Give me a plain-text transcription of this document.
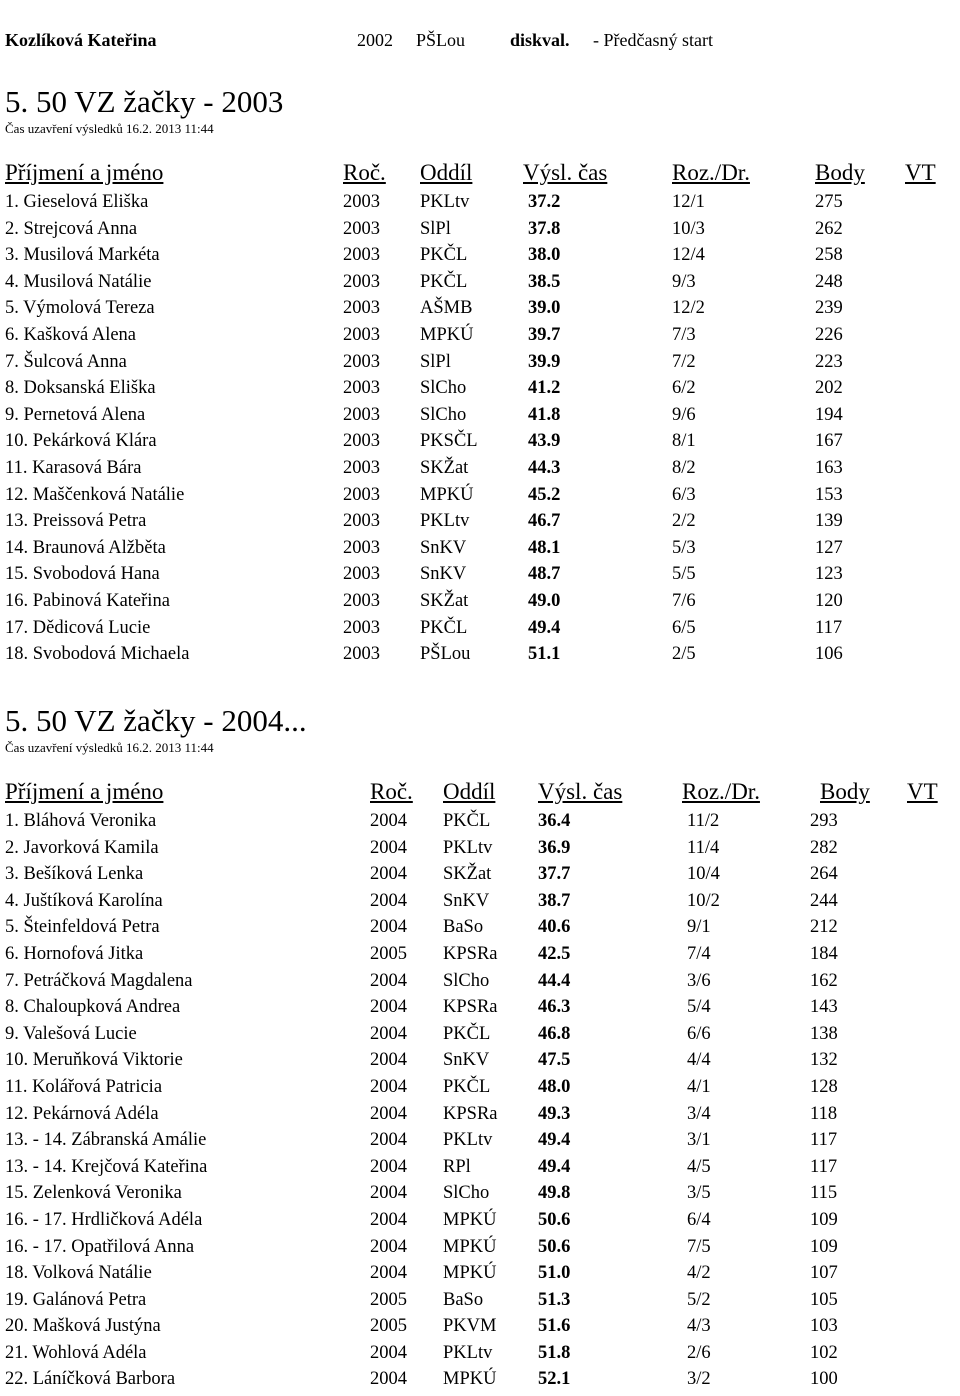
Kozlíková Kateřina	2002 PŠLou diskval. - Předčasný start
5. 50 VZ žačky - 2003
Čas uzavření výsledků 16.2. 2013 11:44
Příjmení a jméno	Roč. Oddíl Výsl. čas	Roz./Dr.	Body VT
1. Gieselová Eliška	2003 PKLtv	37.2	12/1	275
2. Strejcová Anna	2003 SlPl	37.8	10/3	262
3. Musilová Markéta	2003 PKČL	38.0	12/4	258
4. Musilová Natálie	2003 PKČL	38.5	9/3	248
5. Výmolová Tereza	2003 AŠMB	39.0	12/2	239
6. Kašková Alena	2003 MPKÚ	39.7	7/3	226
7. Šulcová Anna	2003 SlPl	39.9	7/2	223
8. Doksanská Eliška	2003 SlCho	41.2	6/2	202
9. Pernetová Alena	2003 SlCho	41.8	9/6	194
10. Pekárková Klára	2003 PKSČL	43.9	8/1	167
11. Karasová Bára	2003 SKŽat	44.3	8/2	163
12. Maščenková Natálie	2003 MPKÚ	45.2	6/3	153
13. Preissová Petra	2003 PKLtv	46.7	2/2	139
14. Braunová Alžběta	2003 SnKV	48.1	5/3	127
15. Svobodová Hana	2003 SnKV	48.7	5/5	123
16. Pabinová Kateřina	2003 SKŽat	49.0	7/6	120
17. Dědicová Lucie	2003 PKČL	49.4	6/5	117
18. Svobodová Michaela	2003 PŠLou	51.1	2/5	106
5. 50 VZ žačky - 2004...
Čas uzavření výsledků 16.2. 2013 11:44
Příjmení a jméno	Roč. Oddíl Výsl. čas	Roz./Dr.	Body VT
1. Bláhová Veronika	2004 PKČL	36.4	11/2	293
2. Javorková Kamila	2004 PKLtv 36.9	11/4	282
3. Bešíková Lenka	2004 SKŽat	37.7	10/4	264
4. Juštíková Karolína	2004 SnKV	38.7	10/2	244
5. Šteinfeldová Petra	2004 BaSo	40.6	9/1	212
6. Hornofová Jitka	2005 KPSRa 42.5	7/4	184
7. Petráčková Magdalena	2004 SlCho	44.4	3/6	162
8. Chaloupková Andrea	2004 KPSRa 46.3	5/4	143
9. Valešová Lucie	2004 PKČL	46.8	6/6	138
10. Meruňková Viktorie	2004 SnKV	47.5	4/4	132
11. Kolářová Patricia	2004 PKČL	48.0	4/1	128
12. Pekárnová Adéla	2004 KPSRa 49.3	3/4	118
13. - 14. Zábranská Amálie	2004 PKLtv 49.4	3/1	117
13. - 14. Krejčová Kateřina	2004 RPl	49.4	4/5	117
15. Zelenková Veronika	2004 SlCho	49.8	3/5	115
16. - 17. Hrdličková Adéla	2004 MPKÚ 50.6	6/4	109
16. - 17. Opatřilová Anna	2004 MPKÚ 50.6	7/5	109
18. Volková Natálie	2004 MPKÚ 51.0	4/2	107
19. Galánová Petra	2005 BaSo	51.3	5/2	105
20. Mašková Justýna	2005 PKVM 51.6	4/3	103
21. Wohlová Adéla	2004 PKLtv 51.8	2/6	102
22. Láníčková Barbora	2004 MPKÚ 52.1	3/2	100
